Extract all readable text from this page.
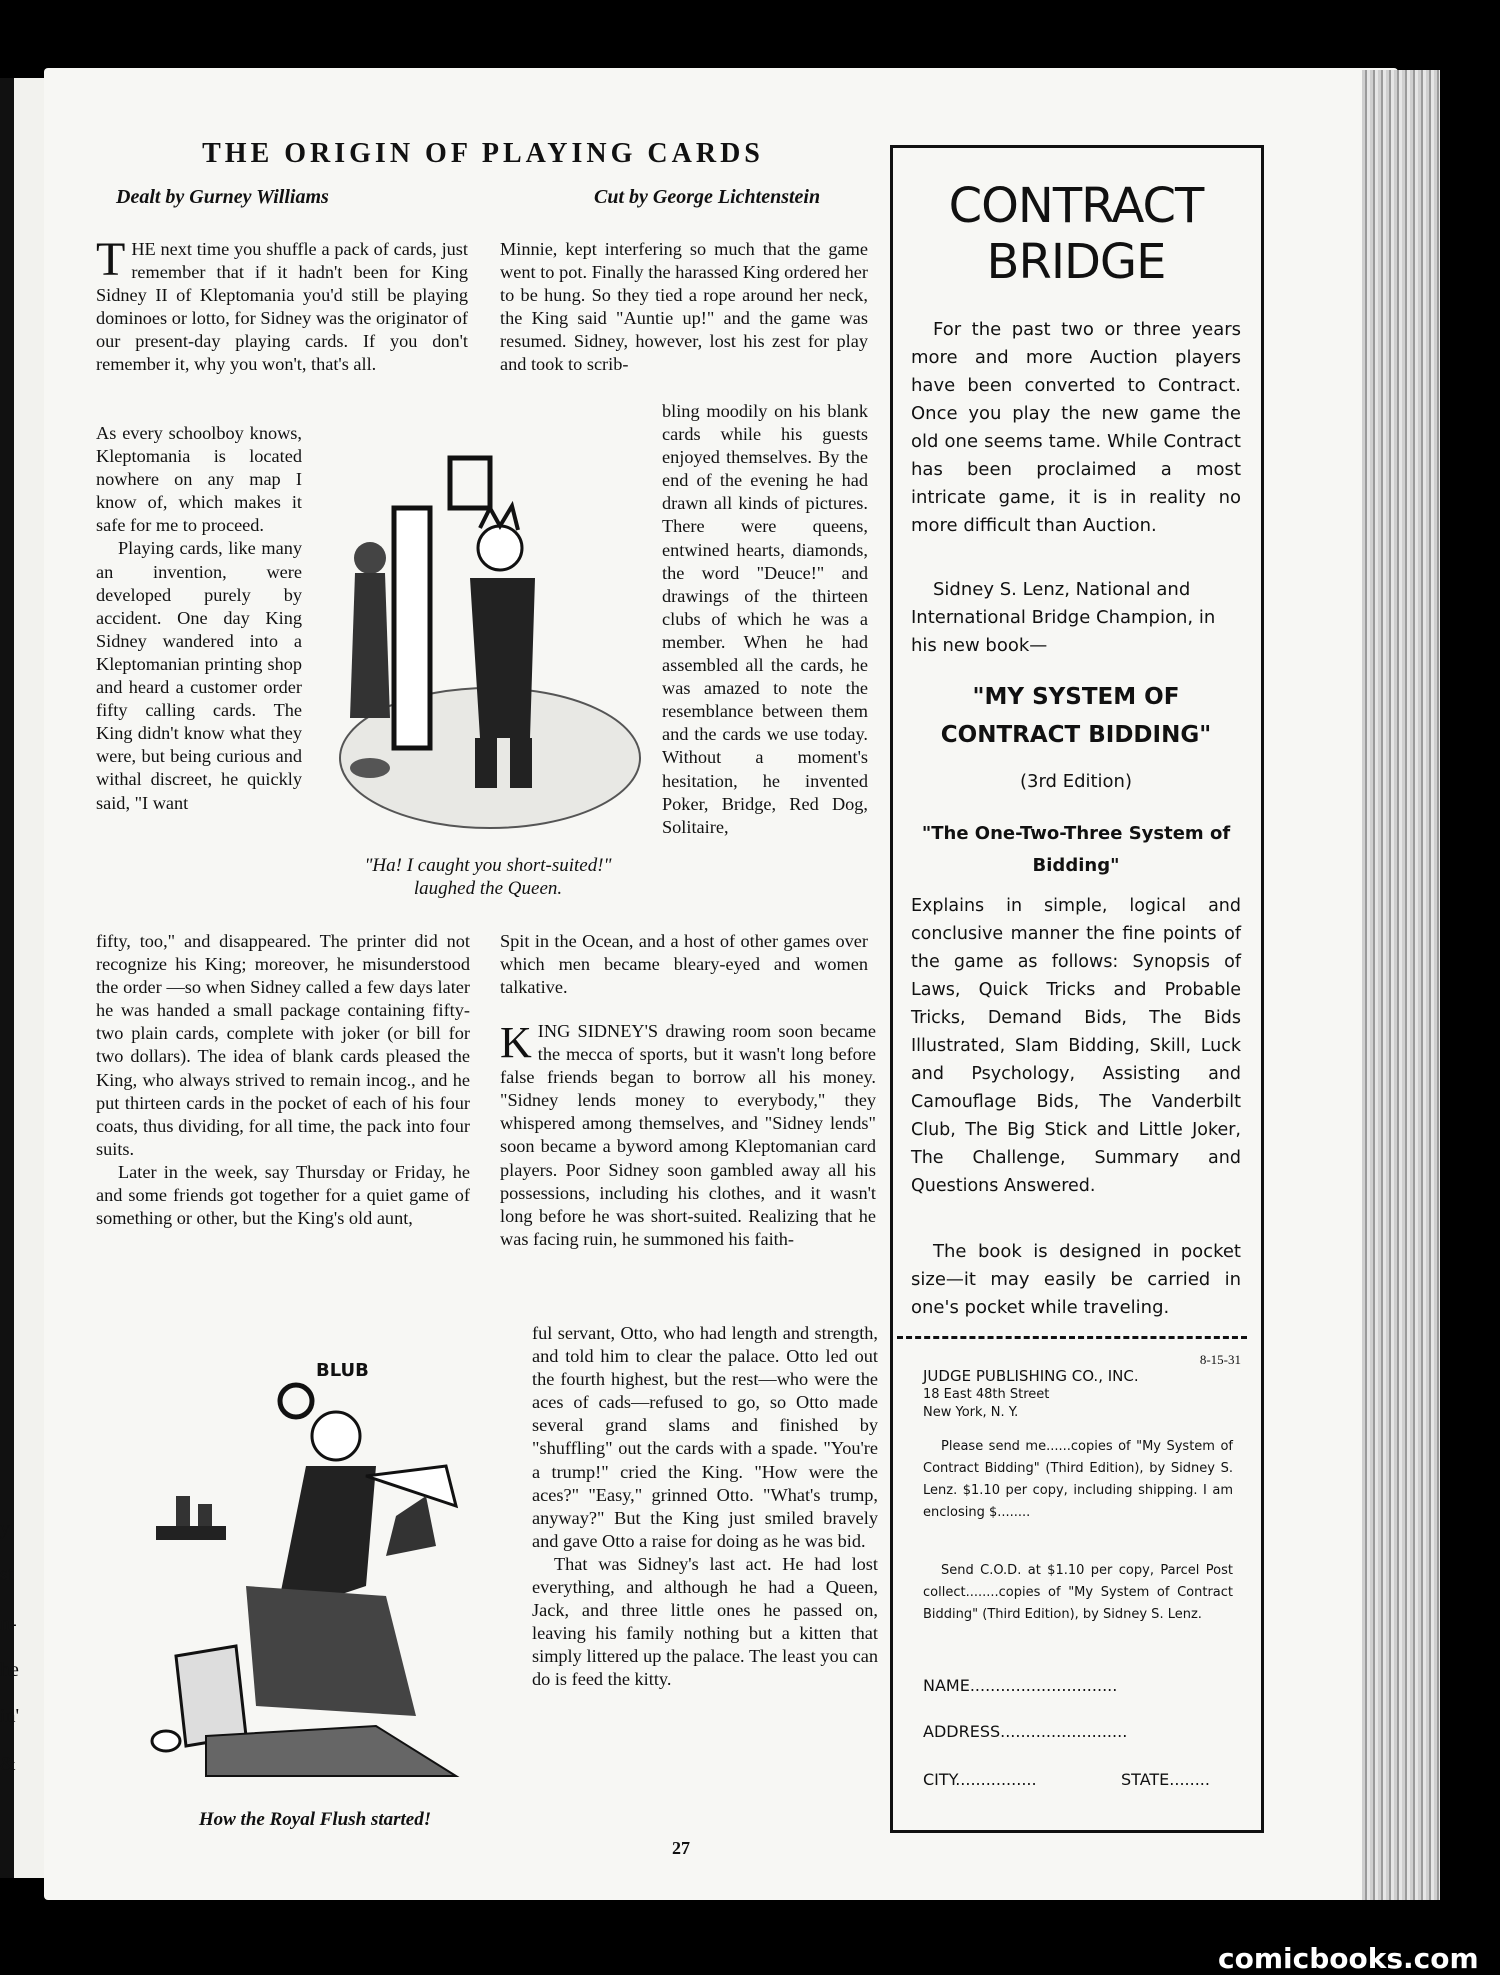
y
st
n-
he
in'
&
THE ORIGIN OF PLAYING CARDS
Dealt by Gurney Williams	Cut by George Lichtenstein

THE next time you shuffle a pack of cards, just remember that if it hadn't been for King Sidney II of Kleptomania you'd still be playing dominoes or lotto, for Sidney was the originator of our present-day playing cards. If you don't remember it, why you won't, that's all.

As every schoolboy knows, Kleptomania is located nowhere on any map I know of, which makes it safe for me to proceed.

Playing cards, like many an invention, were developed purely by accident. One day King Sidney wandered into a Kleptomanian printing shop and heard a customer order fifty calling cards. The King didn't know what they were, but being curious and withal discreet, he quickly said, "I want

fifty, too," and disappeared. The printer did not recognize his King; moreover, he misunderstood the order —so when Sidney called a few days later he was handed a small package containing fifty-two plain cards, complete with joker (or bill for two dollars). The idea of blank cards pleased the King, who always strived to remain incog., and he put thirteen cards in the pocket of each of his four coats, thus dividing, for all time, the pack into four suits.

Later in the week, say Thursday or Friday, he and some friends got together for a quiet game of something or other, but the King's old aunt,

Minnie, kept interfering so much that the game went to pot. Finally the harassed King ordered her to be hung. So they tied a rope around her neck, the King said "Auntie up!" and the game was resumed. Sidney, however, lost his zest for play and took to scrib-

bling moodily on his blank cards while his guests enjoyed themselves. By the end of the evening he had drawn all kinds of pictures. There were queens, entwined hearts, diamonds, the word "Deuce!" and drawings of the thirteen clubs of which he was a member. When he had assembled all the cards, he was amazed to note the resemblance between them and the cards we use today. Without a moment's hesitation, he invented Poker, Bridge, Red Dog, Solitaire,

Spit in the Ocean, and a host of other games over which men became bleary-eyed and women talkative.

KING SIDNEY'S drawing room soon became the mecca of sports, but it wasn't long before false friends began to borrow all his money. "Sidney lends money to everybody," they whispered among themselves, and "Sidney lends" soon became a byword among Kleptomanian card players. Poor Sidney soon gambled away all his possessions, including his clothes, and it wasn't long before he was short-suited. Realizing that he was facing ruin, he summoned his faith-

ful servant, Otto, who had length and strength, and told him to clear the palace. Otto led out the fourth highest, but the rest—who were the aces of cads—refused to go, so Otto made several grand slams and finished by "shuffling" out the cards with a spade. "You're a trump!" cried the King. "How were the aces?" "Easy," grinned Otto. "What's trump, anyway?" But the King just smiled bravely and gave Otto a raise for doing as he was bid.

That was Sidney's last act. He had lost everything, and although he had a Queen, Jack, and three little ones he passed on, leaving his family nothing but a kitten that simply littered up the palace. The least you can do is feed the kitty.

"Ha! I caught you short-suited!" laughed the Queen.
BLUB
How the Royal Flush started!
27
CONTRACT
BRIDGE
For the past two or three years more and more Auction players have been converted to Contract. Once you play the new game the old one seems tame. While Contract has been proclaimed a most intricate game, it is in reality no more difficult than Auction.
Sidney S. Lenz, National and International Bridge Champion, in his new book—
"MY SYSTEM OF CONTRACT BIDDING"
(3rd Edition)
"The One-Two-Three System of Bidding"
Explains in simple, logical and conclusive manner the fine points of the game as follows: Synopsis of Laws, Quick Tricks and Probable Tricks, Demand Bids, The Bids Illustrated, Slam Bidding, Skill, Luck and Psychology, Assisting and Camouflage Bids, The Vanderbilt Club, The Big Stick and Little Joker, The Challenge, Summary and Questions Answered.
The book is designed in pocket size—it may easily be carried in one's pocket while traveling.
8-15-31
JUDGE PUBLISHING CO., INC.
18 East 48th Street
New York, N. Y.
Please send me......copies of "My System of Contract Bidding" (Third Edition), by Sidney S. Lenz. $1.10 per copy, including shipping. I am enclosing $........
Send C.O.D. at $1.10 per copy, Parcel Post collect........copies of "My System of Contract Bidding" (Third Edition), by Sidney S. Lenz.
NAME.............................
ADDRESS.........................
CITY................	STATE........
comicbooks.com
